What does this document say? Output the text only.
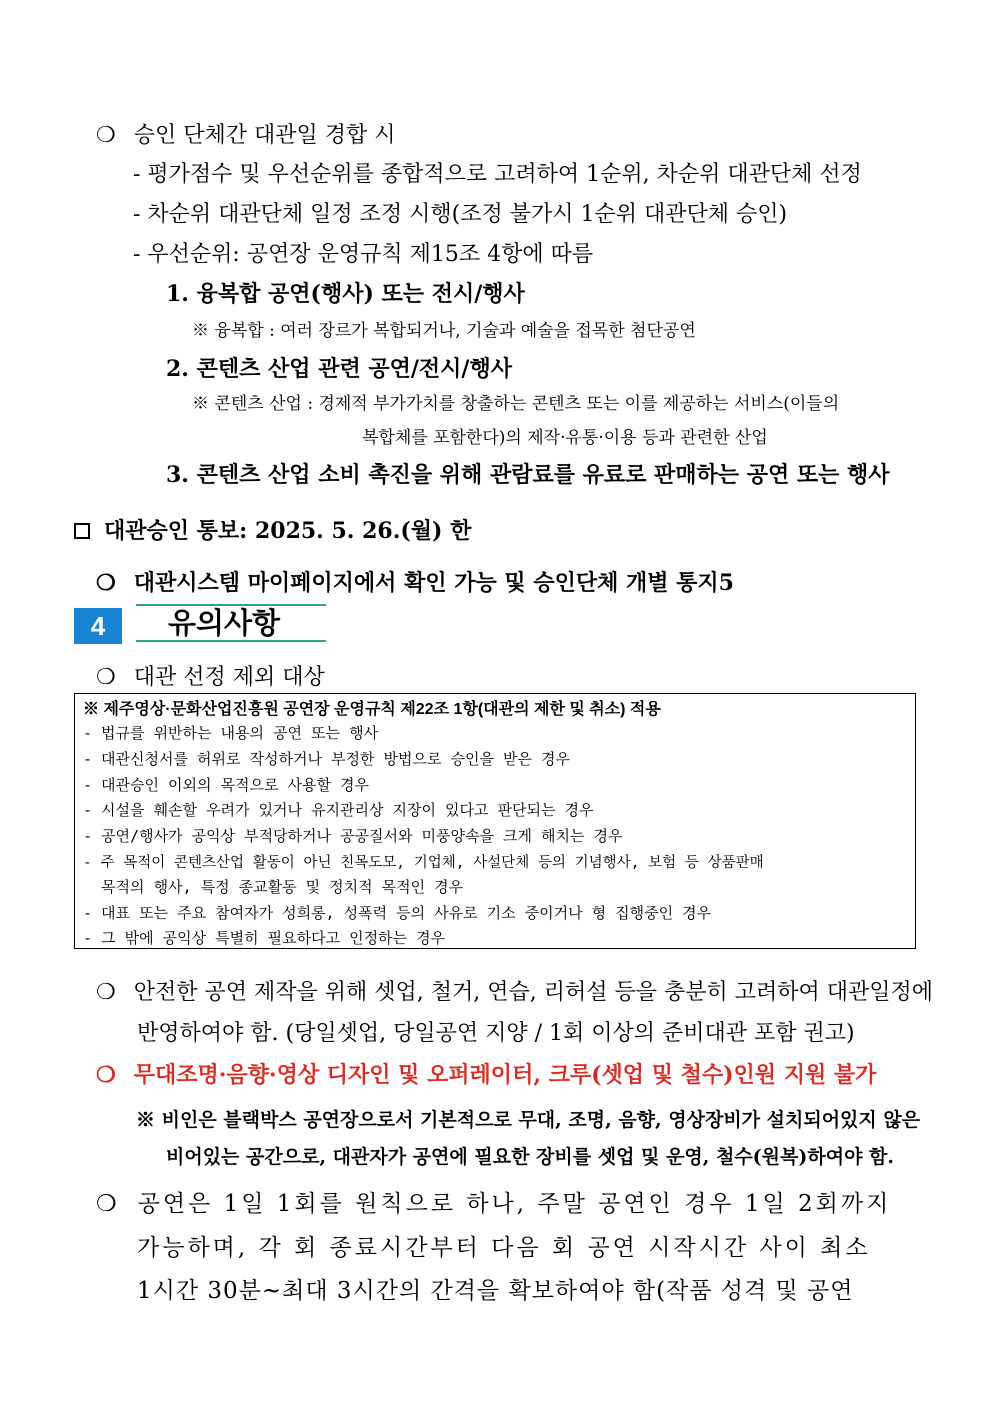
❍ 승인 단체간 대관일 경합 시
- 평가점수 및 우선순위를 종합적으로 고려하여 1순위, 차순위 대관단체 선정
- 차순위 대관단체 일정 조정 시행(조정 불가시 1순위 대관단체 승인)
- 우선순위: 공연장 운영규칙 제15조 4항에 따름
1. 융복합 공연(행사) 또는 전시/행사
※ 융복합 : 여러 장르가 복합되거나, 기술과 예술을 접목한 첨단공연
2. 콘텐츠 산업 관련 공연/전시/행사
※ 콘텐츠 산업 : 경제적 부가가치를 창출하는 콘텐츠 또는 이를 제공하는 서비스(이들의
복합체를 포함한다)의 제작·유통·이용 등과 관련한 산업
3. 콘텐츠 산업 소비 촉진을 위해 관람료를 유료로 판매하는 공연 또는 행사
대관승인 통보: 2025. 5. 26.(월) 한
❍ 대관시스템 마이페이지에서 확인 가능 및 승인단체 개별 통지5
4	유의사항
❍ 대관 선정 제외 대상
※ 제주영상·문화산업진흥원 공연장 운영규칙 제22조 1항(대관의 제한 및 취소) 적용
- 법규를 위반하는 내용의 공연 또는 행사
- 대관신청서를 허위로 작성하거나 부정한 방법으로 승인을 받은 경우
- 대관승인 이외의 목적으로 사용할 경우
- 시설을 훼손할 우려가 있거나 유지관리상 지장이 있다고 판단되는 경우
- 공연/행사가 공익상 부적당하거나 공공질서와 미풍양속을 크게 해치는 경우
- 주 목적이 콘텐츠산업 활동이 아닌 친목도모, 기업체, 사설단체 등의 기념행사, 보험 등 상품판매
목적의 행사, 특정 종교활동 및 정치적 목적인 경우
- 대표 또는 주요 참여자가 성희롱, 성폭력 등의 사유로 기소 중이거나 형 집행중인 경우
- 그 밖에 공익상 특별히 필요하다고 인정하는 경우
❍ 안전한 공연 제작을 위해 셋업, 철거, 연습, 리허설 등을 충분히 고려하여 대관일정에
반영하여야 함. (당일셋업, 당일공연 지양 / 1회 이상의 준비대관 포함 권고)
❍ 무대조명·음향·영상 디자인 및 오퍼레이터, 크루(셋업 및 철수)인원 지원 불가
※ 비인은 블랙박스 공연장으로서 기본적으로 무대, 조명, 음향, 영상장비가 설치되어있지 않은
비어있는 공간으로, 대관자가 공연에 필요한 장비를 셋업 및 운영, 철수(원복)하여야 함.
❍ 공연은 1일 1회를 원칙으로 하나, 주말 공연인 경우 1일 2회까지
가능하며, 각 회 종료시간부터 다음 회 공연 시작시간 사이 최소
1시간 30분~최대 3시간의 간격을 확보하여야 함(작품 성격 및 공연
